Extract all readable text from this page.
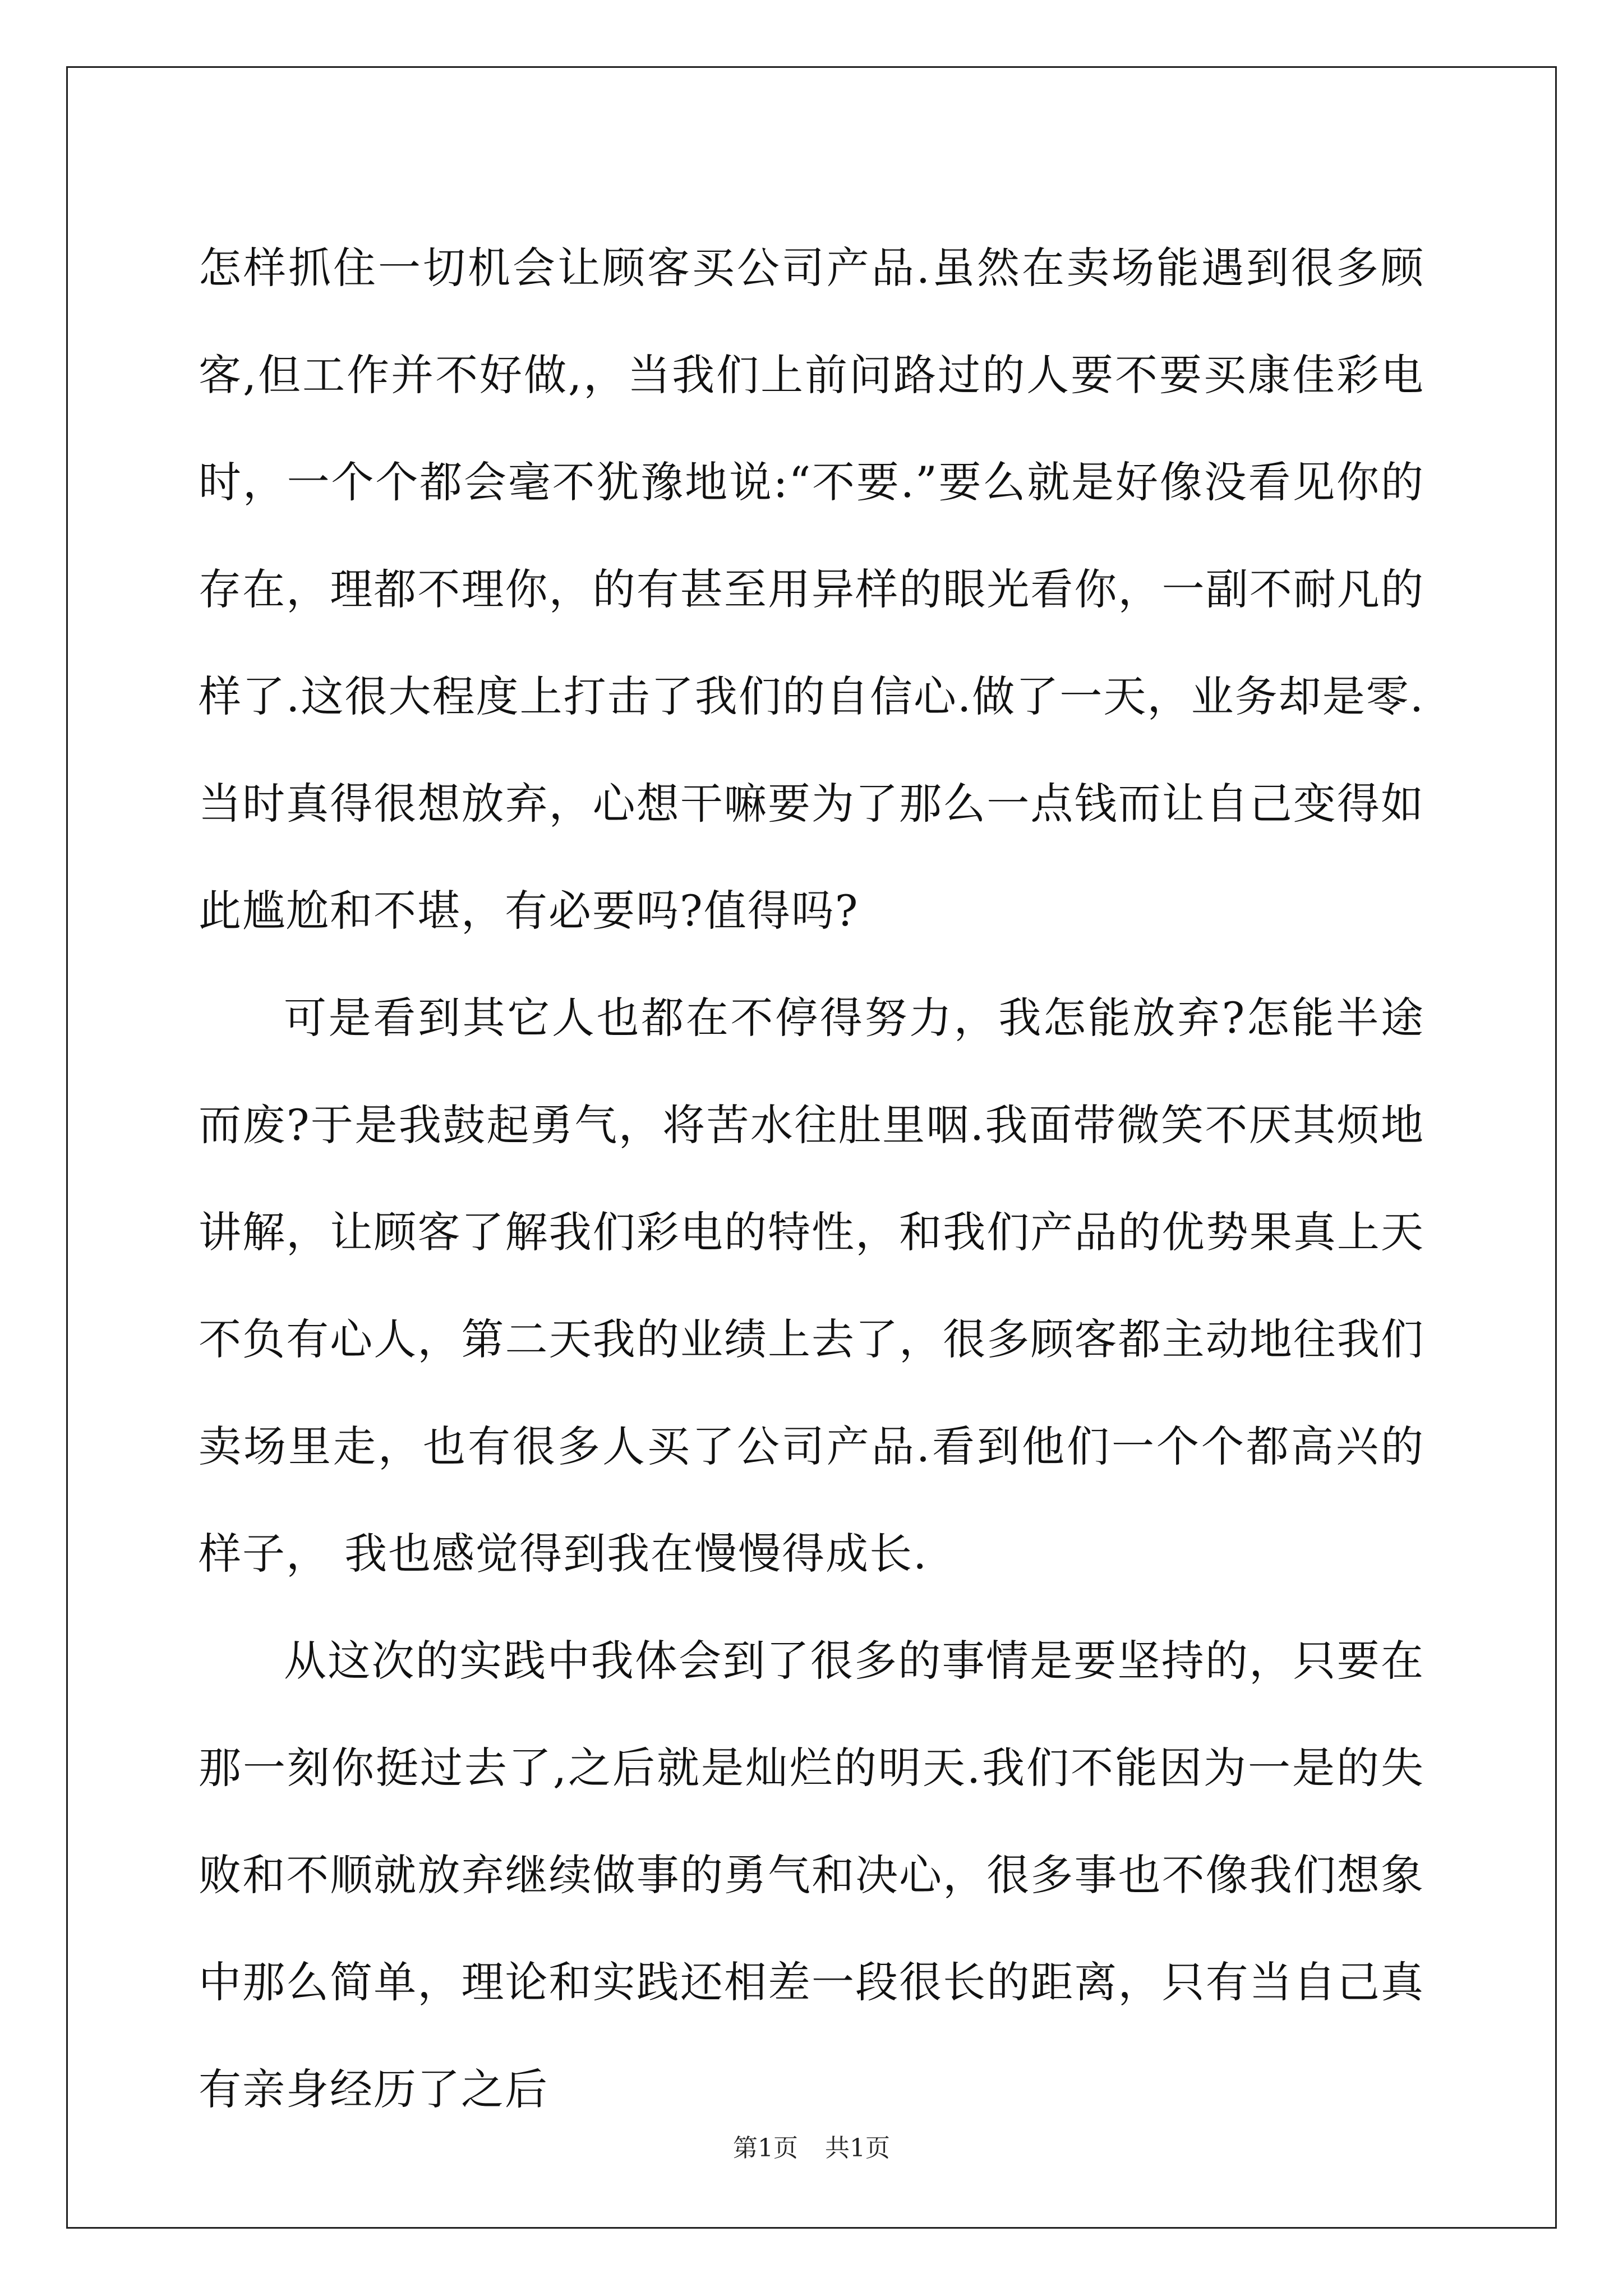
怎样抓住一切机会让顾客买公司产品.虽然在卖场能遇到很多顾客,但工作并不好做,，当我们上前问路过的人要不要买康佳彩电时，一个个都会毫不犹豫地说:“不要.”要么就是好像没看见你的存在，理都不理你，的有甚至用异样的眼光看你，一副不耐凡的样了.这很大程度上打击了我们的自信心.做了一天，业务却是零.当时真得很想放弃，心想干嘛要为了那么一点钱而让自己变得如此尴尬和不堪，有必要吗?值得吗?

可是看到其它人也都在不停得努力，我怎能放弃?怎能半途而废?于是我鼓起勇气，将苦水往肚里咽.我面带微笑不厌其烦地讲解，让顾客了解我们彩电的特性，和我们产品的优势果真上天不负有心人，第二天我的业绩上去了，很多顾客都主动地往我们卖场里走，也有很多人买了公司产品.看到他们一个个都高兴的样子， 我也感觉得到我在慢慢得成长.

从这次的实践中我体会到了很多的事情是要坚持的，只要在那一刻你挺过去了,之后就是灿烂的明天.我们不能因为一是的失败和不顺就放弃继续做事的勇气和决心，很多事也不像我们想象中那么简单，理论和实践还相差一段很长的距离，只有当自己真有亲身经历了之后

第1页 共1页
